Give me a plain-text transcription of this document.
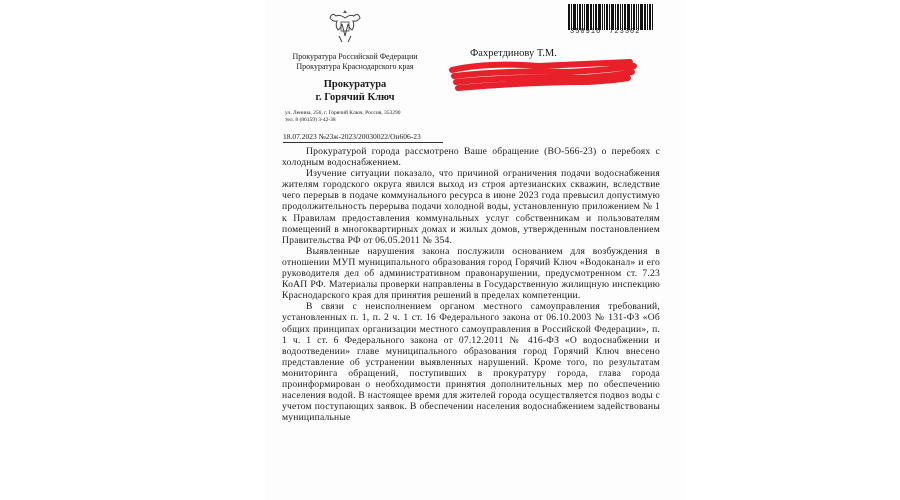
350916 723302
Прокуратура Российской Федерации
Прокуратура Краснодарского края
Прокуратура
г. Горячий Ключ
ул. Ленина, 256, г. Горячий Ключ, Россия, 353290
тел. 8 (86159) 3-42-38
Фахретдинову Т.М.
18.07.2023 №23ж-2023/20030022/Он606-23

Прокуратурой города рассмотрено Ваше обращение (ВО-566-23) о перебоях с холодным водоснабжением.

Изучение ситуации показало, что причиной ограничения подачи водоснабжения жителям городского округа явился выход из строя артезианских скважин, вследствие чего перерыв в подаче коммунального ресурса в июне 2023 года превысил допустимую продолжительность перерыва подачи холодной воды, установленную приложением № 1 к Правилам предоставления коммунальных услуг собственникам и пользователям помещений в многоквартирных домах и жилых домов, утвержденным постановлением Правительства РФ от 06.05.2011 № 354.

Выявленные нарушения закона послужили основанием для возбуждения в отношении МУП муниципального образования город Горячий Ключ «Водоканал» и его руководителя дел об административном правонарушении, предусмотренном ст. 7.23 КоАП РФ. Материалы проверки направлены в Государственную жилищную инспекцию Краснодарского края для принятия решений в пределах компетенции.

В связи с неисполнением органом местного самоуправления требований, установленных п. 1, п. 2 ч. 1 ст. 16 Федерального закона от 06.10.2003 № 131-ФЗ «Об общих принципах организации местного самоуправления в Российской Федерации», п. 1 ч. 1 ст. 6 Федерального закона от 07.12.2011 № 416-ФЗ «О водоснабжении и водоотведении» главе муниципального образования город Горячий Ключ внесено представление об устранении выявленных нарушений. Кроме того, по результатам мониторинга обращений, поступивших в прокуратуру города, глава города проинформирован о необходимости принятия дополнительных мер по обеспечению населения водой. В настоящее время для жителей города осуществляется подвоз воды с учетом поступающих заявок. В обеспечении населения водоснабжением задействованы муниципальные
